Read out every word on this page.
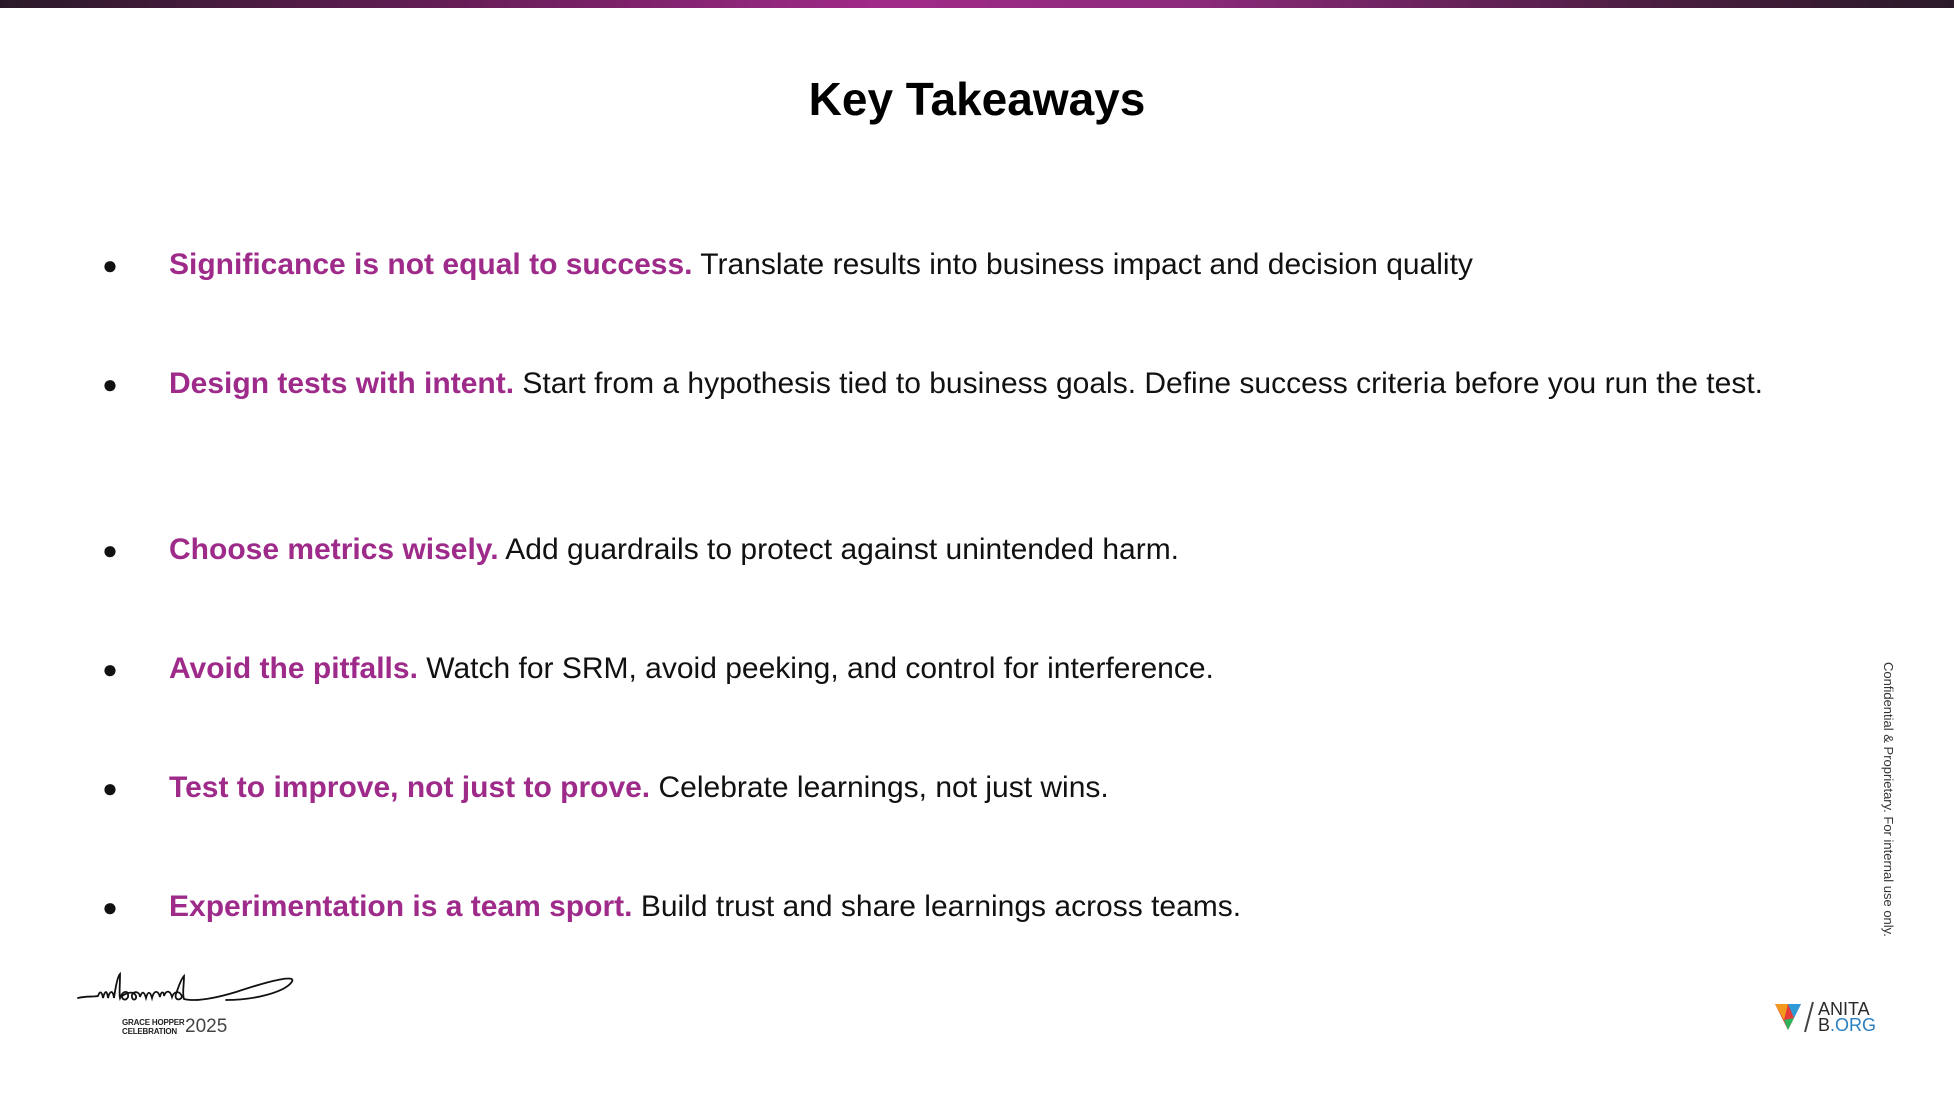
Key Takeaways
● Significance is not equal to success. Translate results into business impact and decision quality
● Design tests with intent. Start from a hypothesis tied to business goals. Define success criteria before you run the test.
● Choose metrics wisely. Add guardrails to protect against unintended harm.
● Avoid the pitfalls. Watch for SRM, avoid peeking, and control for interference.
● Test to improve, not just to prove. Celebrate learnings, not just wins.
● Experimentation is a team sport. Build trust and share learnings across teams.	Confidential & Proprietary. For internal use only.
GRACE HOPPER
CELEBRATION 2025
ANITA
B .ORG
